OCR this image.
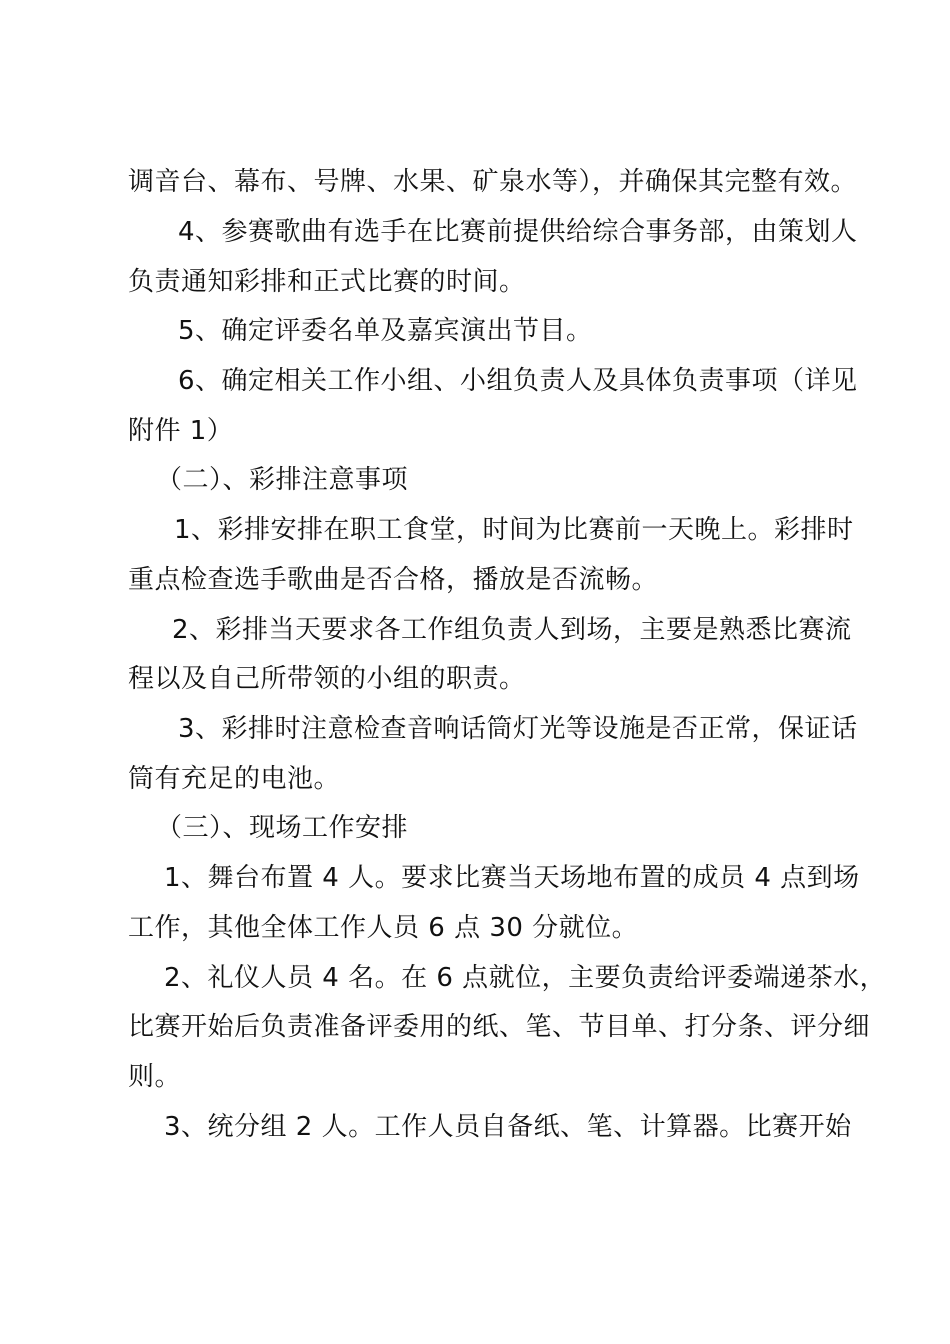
调音台、幕布、号牌、水果、矿泉水等），并确保其完整有效。
4、参赛歌曲有选手在比赛前提供给综合事务部，由策划人
负责通知彩排和正式比赛的时间。
5、确定评委名单及嘉宾演出节目。
6、确定相关工作小组、小组负责人及具体负责事项（详见
附件 1）
（二）、彩排注意事项
1、彩排安排在职工食堂，时间为比赛前一天晚上。彩排时
重点检查选手歌曲是否合格，播放是否流畅。
2、彩排当天要求各工作组负责人到场，主要是熟悉比赛流
程以及自己所带领的小组的职责。
3、彩排时注意检查音响话筒灯光等设施是否正常，保证话
筒有充足的电池。
（三）、现场工作安排
1、舞台布置 4 人。要求比赛当天场地布置的成员 4 点到场
工作，其他全体工作人员 6 点 30 分就位。
2、礼仪人员 4 名。在 6 点就位，主要负责给评委端递茶水，
比赛开始后负责准备评委用的纸、笔、节目单、打分条、评分细
则。
3、统分组 2 人。工作人员自备纸、笔、计算器。比赛开始
